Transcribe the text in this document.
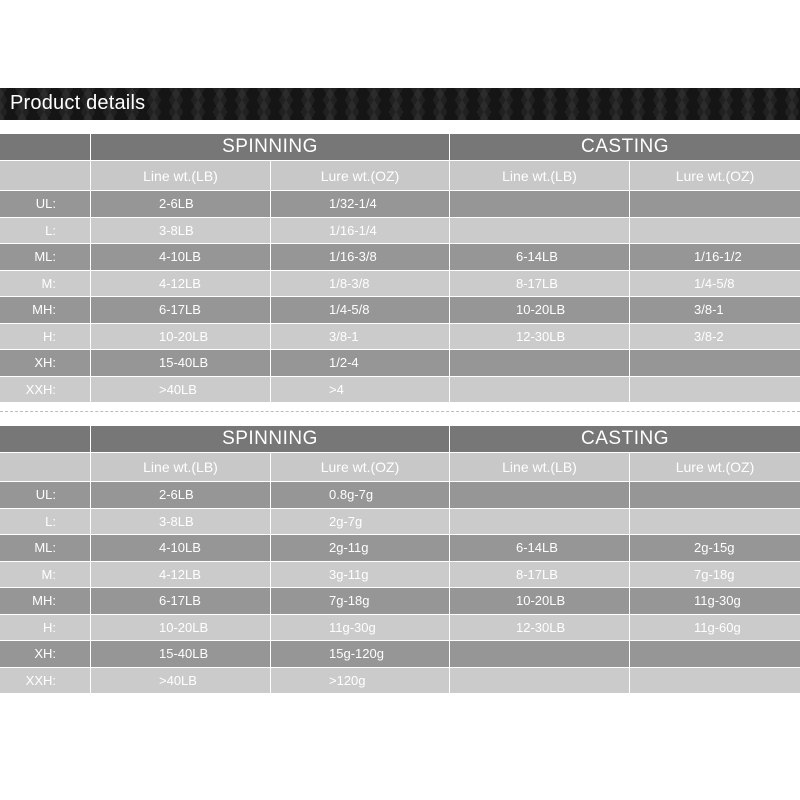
Product details
SPINNING	CASTING
Line wt.(LB)	Lure wt.(OZ)	Line wt.(LB)	Lure wt.(OZ)
UL:	2-6LB	1/32-1/4
L:	3-8LB	1/16-1/4
ML:	4-10LB	1/16-3/8	6-14LB	1/16-1/2
M:	4-12LB	1/8-3/8	8-17LB	1/4-5/8
MH:	6-17LB	1/4-5/8	10-20LB	3/8-1
H:	10-20LB	3/8-1	12-30LB	3/8-2
XH:	15-40LB	1/2-4
XXH:	>40LB	>4
SPINNING	CASTING
Line wt.(LB)	Lure wt.(OZ)	Line wt.(LB)	Lure wt.(OZ)
UL:	2-6LB	0.8g-7g
L:	3-8LB	2g-7g
ML:	4-10LB	2g-11g	6-14LB	2g-15g
M:	4-12LB	3g-11g	8-17LB	7g-18g
MH:	6-17LB	7g-18g	10-20LB	11g-30g
H:	10-20LB	11g-30g	12-30LB	11g-60g
XH:	15-40LB	15g-120g
XXH:	>40LB	>120g
